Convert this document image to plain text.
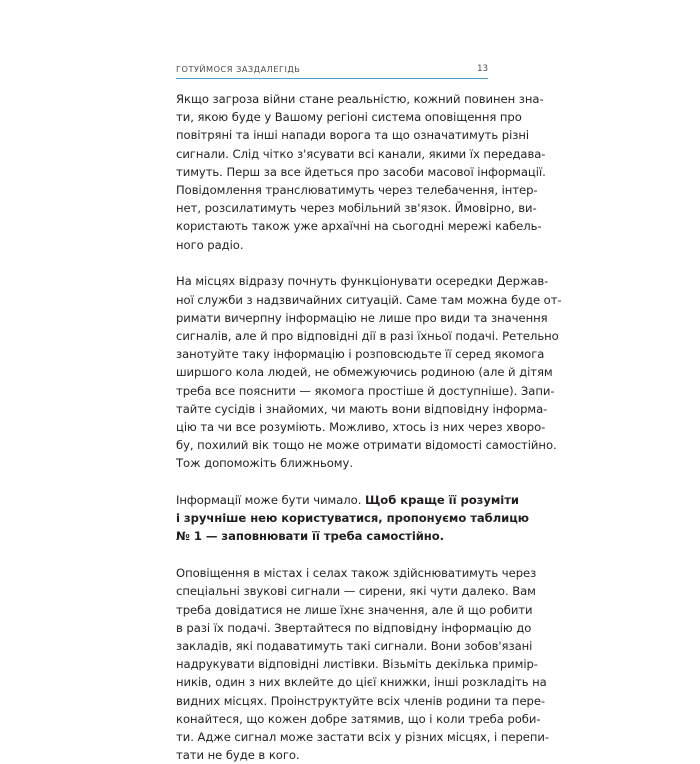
ГОТУЙМОСЯ ЗАЗДАЛЕГІДЬ	13

Якщо загроза війни стане реальністю, кожний повинен зна-
ти, якою буде у Вашому регіоні система оповіщення про
повітряні та інші напади ворога та що означатимуть різні
сигнали. Слід чітко з'ясувати всі канали, якими їх передава-
тимуть. Перш за все йдеться про засоби масової інформації.
Повідомлення транслюватимуть через телебачення, інтер-
нет, розсилатимуть через мобільний зв'язок. Ймовірно, ви-
користають також уже архаїчні на сьогодні мережі кабель-
ного радіо.

На місцях відразу почнуть функціонувати осередки Держав-
ної служби з надзвичайних ситуацій. Саме там можна буде от-
римати вичерпну інформацію не лише про види та значення
сигналів, але й про відповідні дії в разі їхньої подачі. Ретельно
занотуйте таку інформацію і розповсюдьте її серед якомога
ширшого кола людей, не обмежуючись родиною (але й дітям
треба все пояснити — якомога простіше й доступніше). Запи-
тайте сусідів і знайомих, чи мають вони відповідну інформа-
цію та чи все розуміють. Можливо, хтось із них через хворо-
бу, похилий вік тощо не може отримати відомості самостійно.
Тож допоможіть ближньому.

Інформації може бути чимало. Щоб краще її розуміти
і зручніше нею користуватися, пропонуємо таблицю
№ 1 — заповнювати її треба самостійно.

Оповіщення в містах і селах також здійснюватимуть через
спеціальні звукові сигнали — сирени, які чути далеко. Вам
треба довідатися не лише їхнє значення, але й що робити
в разі їх подачі. Звертайтеся по відповідну інформацію до
закладів, які подаватимуть такі сигнали. Вони зобов'язані
надрукувати відповідні листівки. Візьміть декілька примір-
ників, один з них вклейте до цієї книжки, інші розкладіть на
видних місцях. Проінструктуйте всіх членів родини та пере-
конайтеся, що кожен добре затямив, що і коли треба роби-
ти. Адже сигнал може застати всіх у різних місцях, і перепи-
тати не буде в кого.
